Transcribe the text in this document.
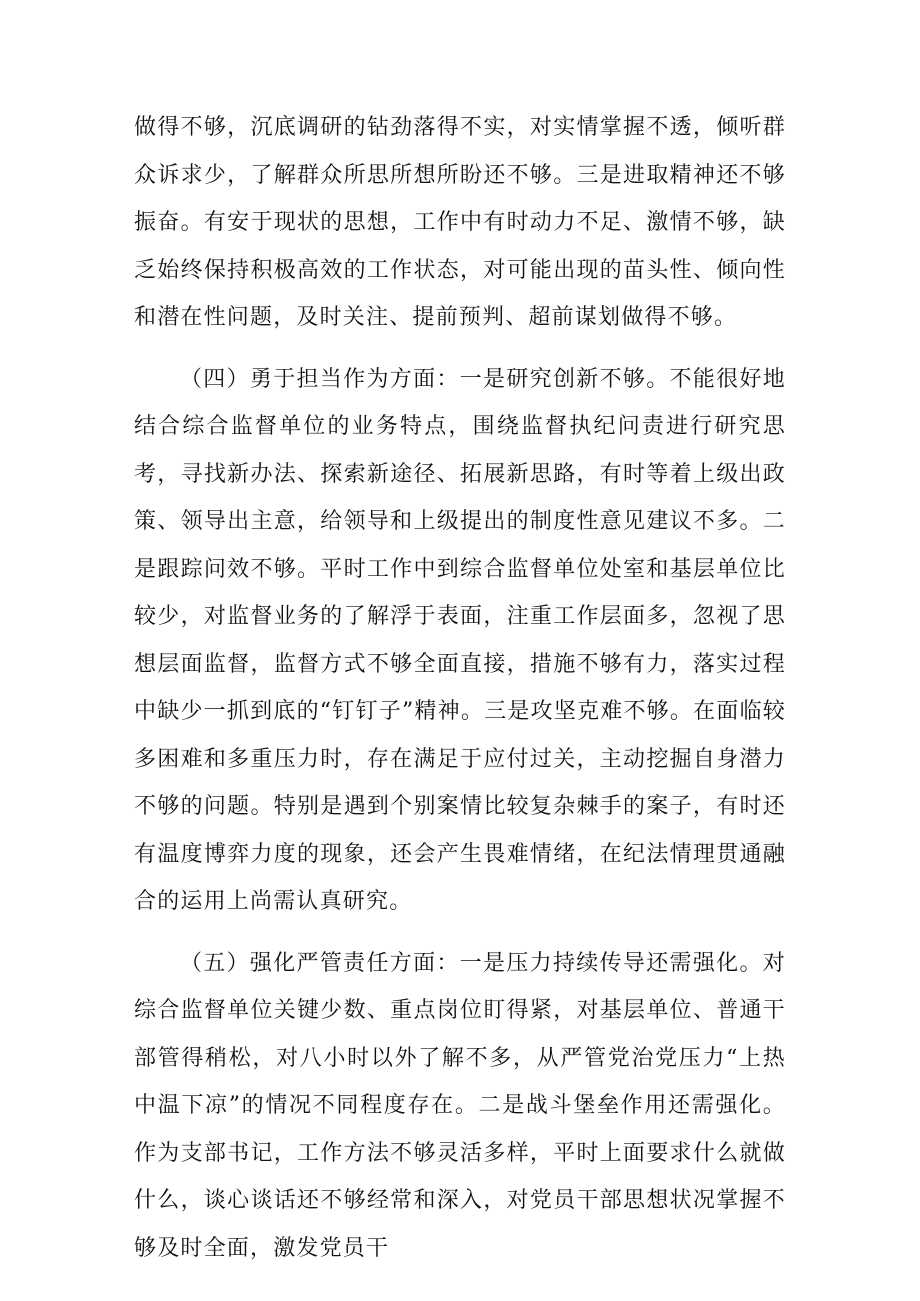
做得不够，沉底调研的钻劲落得不实，对实情掌握不透，倾听群众诉求少，了解群众所思所想所盼还不够。三是进取精神还不够振奋。有安于现状的思想，工作中有时动力不足、激情不够，缺乏始终保持积极高效的工作状态，对可能出现的苗头性、倾向性和潜在性问题，及时关注、提前预判、超前谋划做得不够。

（四）勇于担当作为方面：一是研究创新不够。不能很好地结合综合监督单位的业务特点，围绕监督执纪问责进行研究思考，寻找新办法、探索新途径、拓展新思路，有时等着上级出政策、领导出主意，给领导和上级提出的制度性意见建议不多。二是跟踪问效不够。平时工作中到综合监督单位处室和基层单位比较少，对监督业务的了解浮于表面，注重工作层面多，忽视了思想层面监督，监督方式不够全面直接，措施不够有力，落实过程中缺少一抓到底的“钉钉子”精神。三是攻坚克难不够。在面临较多困难和多重压力时，存在满足于应付过关，主动挖掘自身潜力不够的问题。特别是遇到个别案情比较复杂棘手的案子，有时还有温度博弈力度的现象，还会产生畏难情绪，在纪法情理贯通融合的运用上尚需认真研究。

（五）强化严管责任方面：一是压力持续传导还需强化。对综合监督单位关键少数、重点岗位盯得紧，对基层单位、普通干部管得稍松，对八小时以外了解不多，从严管党治党压力“上热中温下凉”的情况不同程度存在。二是战斗堡垒作用还需强化。作为支部书记，工作方法不够灵活多样，平时上面要求什么就做什么，谈心谈话还不够经常和深入，对党员干部思想状况掌握不够及时全面，激发党员干
